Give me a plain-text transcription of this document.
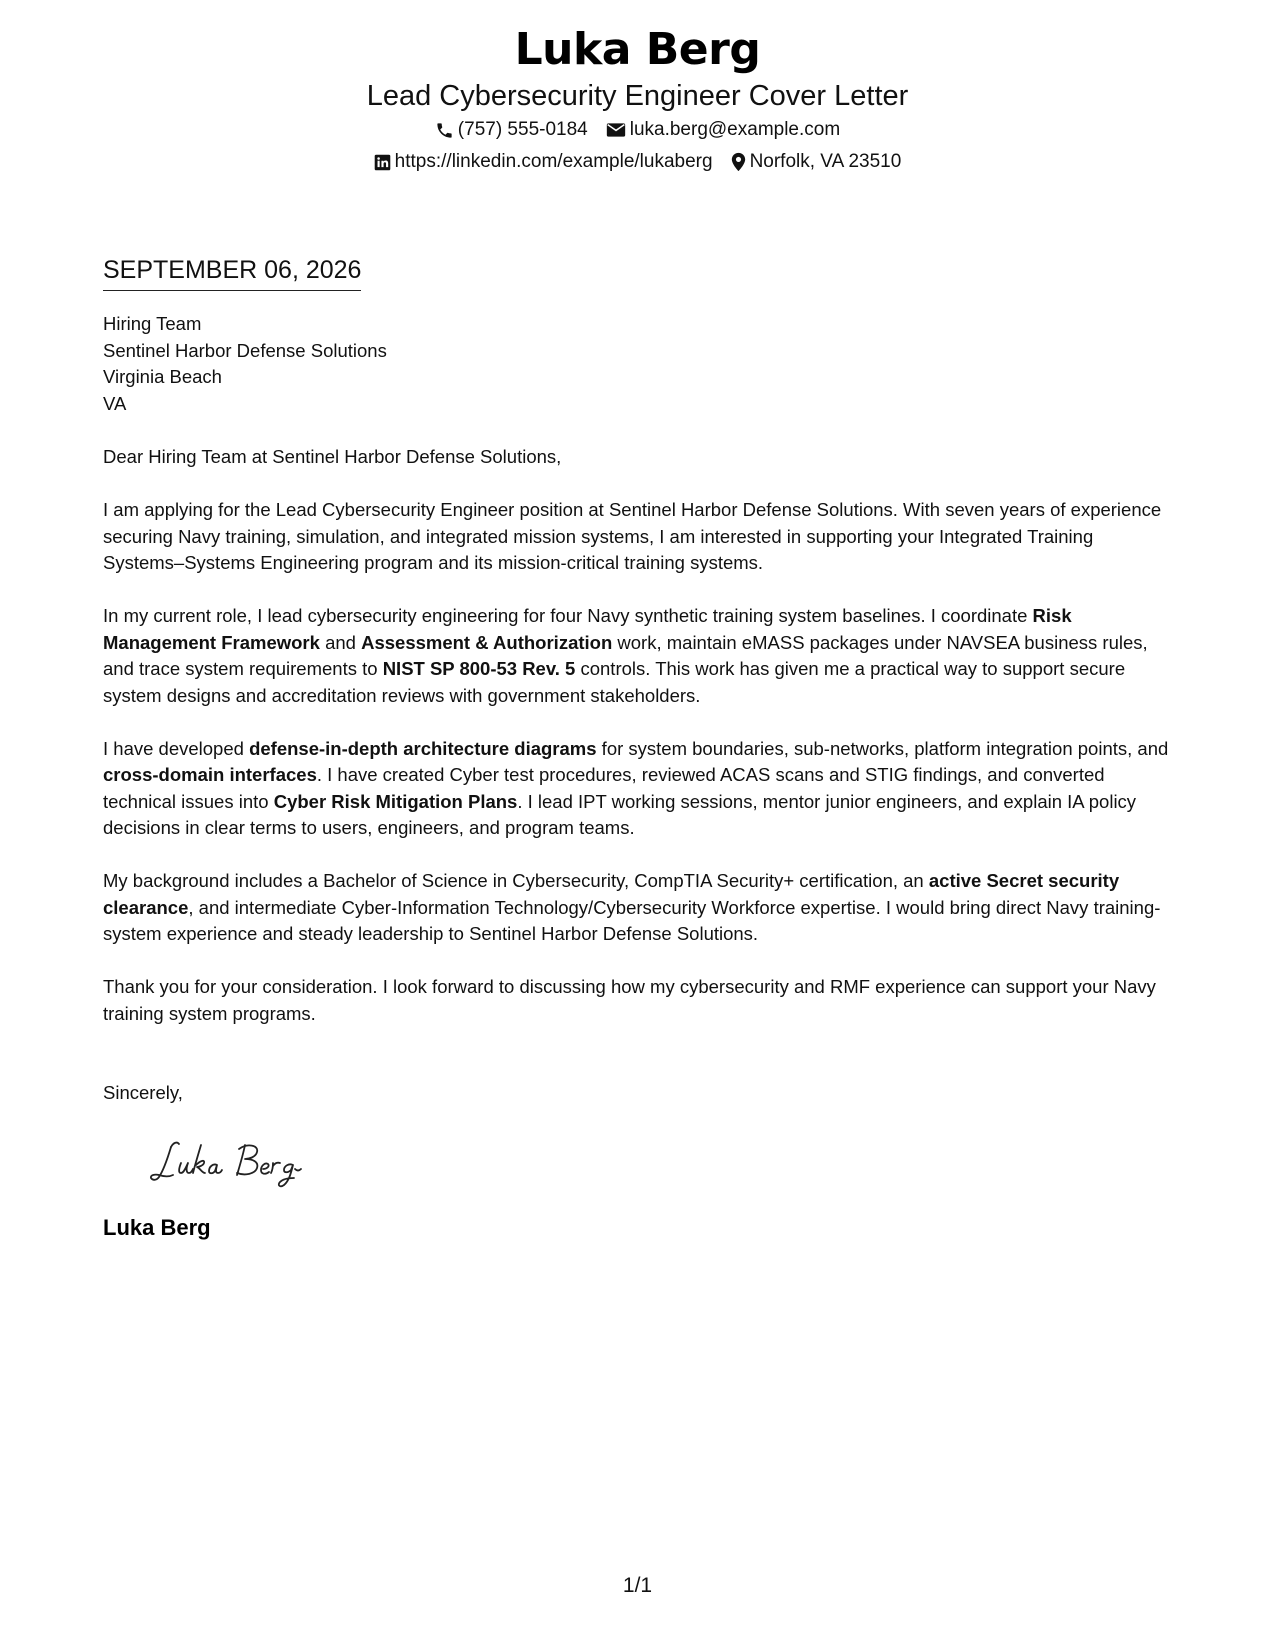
Luka Berg
Lead Cybersecurity Engineer Cover Letter
(757) 555-0184 luka.berg@example.com
https://linkedin.com/example/lukaberg Norfolk, VA 23510
SEPTEMBER 06, 2026
Hiring Team
Sentinel Harbor Defense Solutions
Virginia Beach
VA
Dear Hiring Team at Sentinel Harbor Defense Solutions,
I am applying for the Lead Cybersecurity Engineer position at Sentinel Harbor Defense Solutions. With seven years of experience securing Navy training, simulation, and integrated mission systems, I am interested in supporting your Integrated Training Systems–Systems Engineering program and its mission-critical training systems.
In my current role, I lead cybersecurity engineering for four Navy synthetic training system baselines. I coordinate Risk Management Framework and Assessment & Authorization work, maintain eMASS packages under NAVSEA business rules, and trace system requirements to NIST SP 800-53 Rev. 5 controls. This work has given me a practical way to support secure system designs and accreditation reviews with government stakeholders.
I have developed defense-in-depth architecture diagrams for system boundaries, sub-networks, platform integration points, and cross-domain interfaces. I have created Cyber test procedures, reviewed ACAS scans and STIG findings, and converted technical issues into Cyber Risk Mitigation Plans. I lead IPT working sessions, mentor junior engineers, and explain IA policy decisions in clear terms to users, engineers, and program teams.
My background includes a Bachelor of Science in Cybersecurity, CompTIA Security+ certification, an active Secret security clearance, and intermediate Cyber-Information Technology/Cybersecurity Workforce expertise. I would bring direct Navy training-system experience and steady leadership to Sentinel Harbor Defense Solutions.
Thank you for your consideration. I look forward to discussing how my cybersecurity and RMF experience can support your Navy training system programs.
Sincerely,
Luka Berg
1/1
